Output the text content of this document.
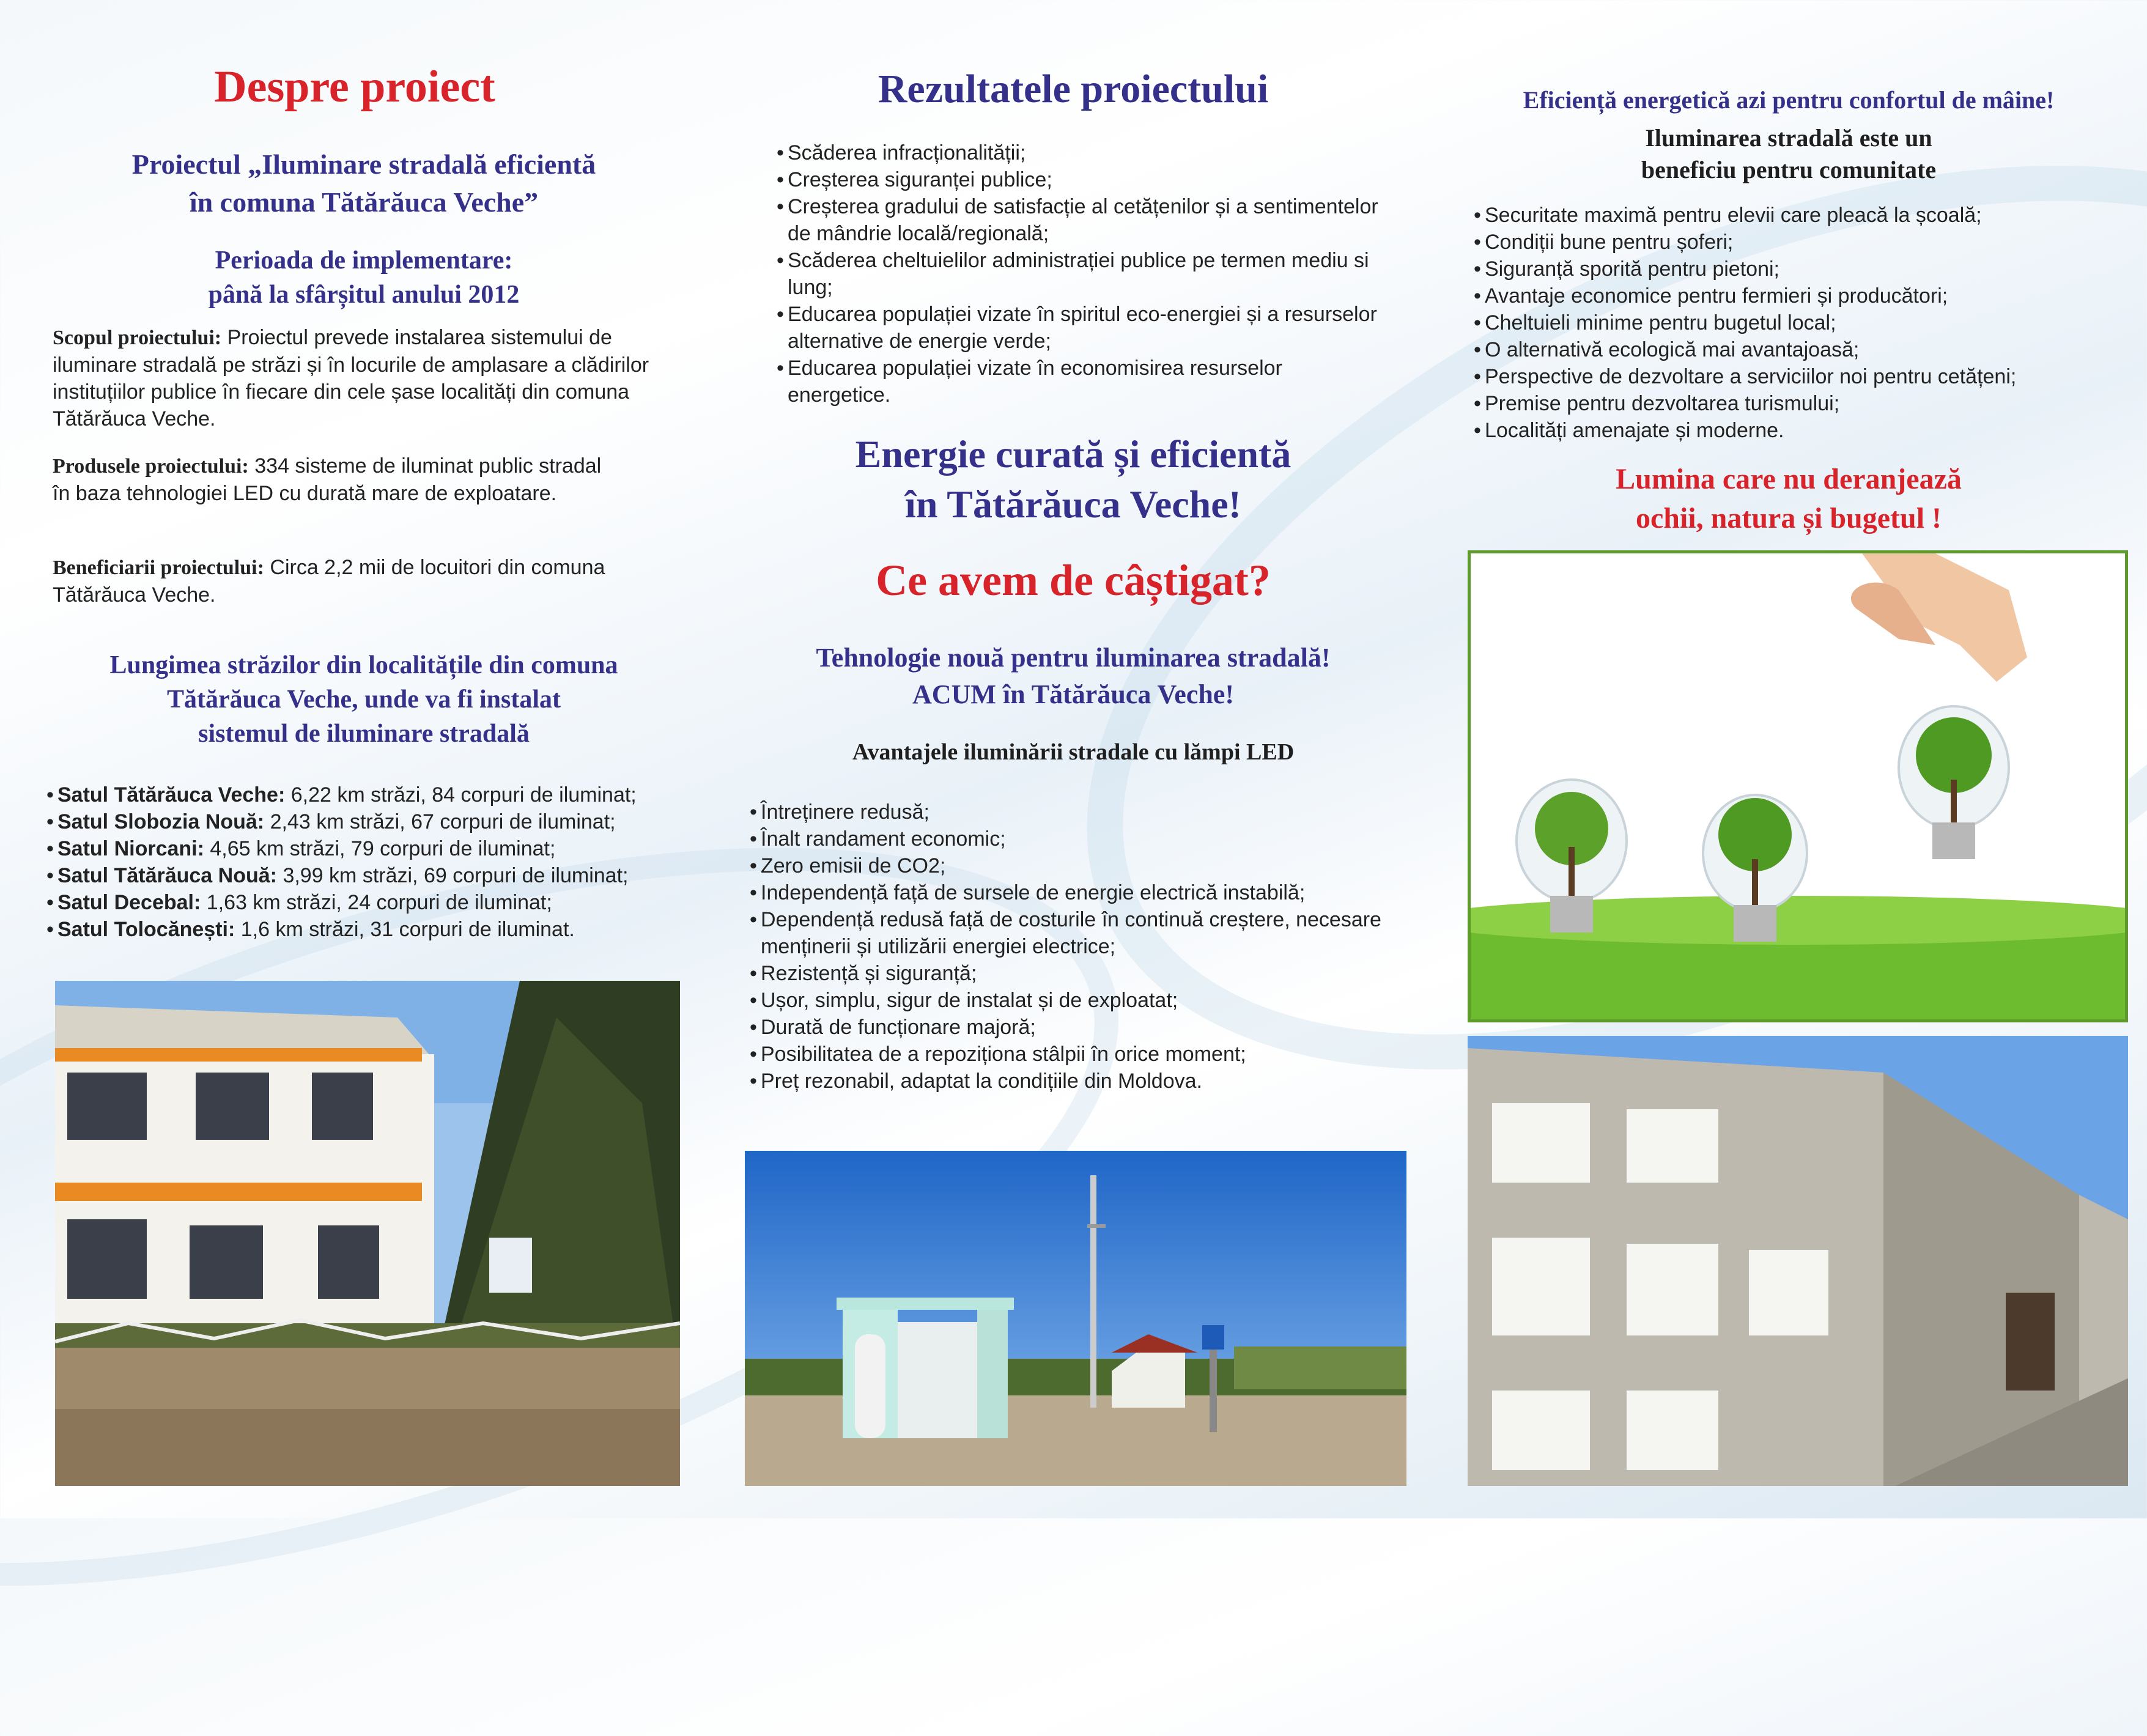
Despre proiect
Proiectul „Iluminare stradală eficientă
în comuna Tătărăuca Veche”
Perioada de implementare:
până la sfârșitul anului 2012
Scopul proiectului: Proiectul prevede instalarea sistemului de iluminare stradală pe străzi și în locurile de amplasare a clădirilor instituțiilor publice în fiecare din cele șase localități din comuna Tătărăuca Veche.
Produsele proiectului: 334 sisteme de iluminat public stradal în baza tehnologiei LED cu durată mare de exploatare.
Beneficiarii proiectului: Circa 2,2 mii de locuitori din comuna Tătărăuca Veche.
Lungimea străzilor din localitățile din comuna
Tătărăuca Veche, unde va fi instalat
sistemul de iluminare stradală
• Satul Tătărăuca Veche: 6,22 km străzi, 84 corpuri de iluminat;
• Satul Slobozia Nouă: 2,43 km străzi, 67 corpuri de iluminat;
• Satul Niorcani: 4,65 km străzi, 79 corpuri de iluminat;
• Satul Tătărăuca Nouă: 3,99 km străzi, 69 corpuri de iluminat;
• Satul Decebal: 1,63 km străzi, 24 corpuri de iluminat;
• Satul Tolocănești: 1,6 km străzi, 31 corpuri de iluminat.
Rezultatele proiectului
• Scăderea infracționalității;
• Creșterea siguranței publice;
• Creșterea gradului de satisfacție al cetățenilor și a sentimentelor de mândrie locală/regională;
• Scăderea cheltuielilor administrației publice pe termen mediu si lung;
• Educarea populației vizate în spiritul eco-energiei și a resurselor alternative de energie verde;
• Educarea populației vizate în economisirea resurselor energetice.
Energie curată și eficientă
în Tătărăuca Veche!
Ce avem de câștigat?
Tehnologie nouă pentru iluminarea stradală!
ACUM în Tătărăuca Veche!
Avantajele iluminării stradale cu lămpi LED
• Întreținere redusă;
• Înalt randament economic;
• Zero emisii de CO2;
• Independență față de sursele de energie electrică instabilă;
• Dependență redusă față de costurile în continuă creștere, necesare menținerii și utilizării energiei electrice;
• Rezistență și siguranță;
• Ușor, simplu, sigur de instalat și de exploatat;
• Durată de funcționare majoră;
• Posibilitatea de a repoziționa stâlpii în orice moment;
• Preț rezonabil, adaptat la condițiile din Moldova.
Eficiență energetică azi pentru confortul de mâine!
Iluminarea stradală este un
beneficiu pentru comunitate
• Securitate maximă pentru elevii care pleacă la școală;
• Condiții bune pentru șoferi;
• Siguranță sporită pentru pietoni;
• Avantaje economice pentru fermieri și producători;
• Cheltuieli minime pentru bugetul local;
• O alternativă ecologică mai avantajoasă;
• Perspective de dezvoltare a serviciilor noi pentru cetățeni;
• Premise pentru dezvoltarea turismului;
• Localități amenajate și moderne.
Lumina care nu deranjează
ochii, natura și bugetul !
